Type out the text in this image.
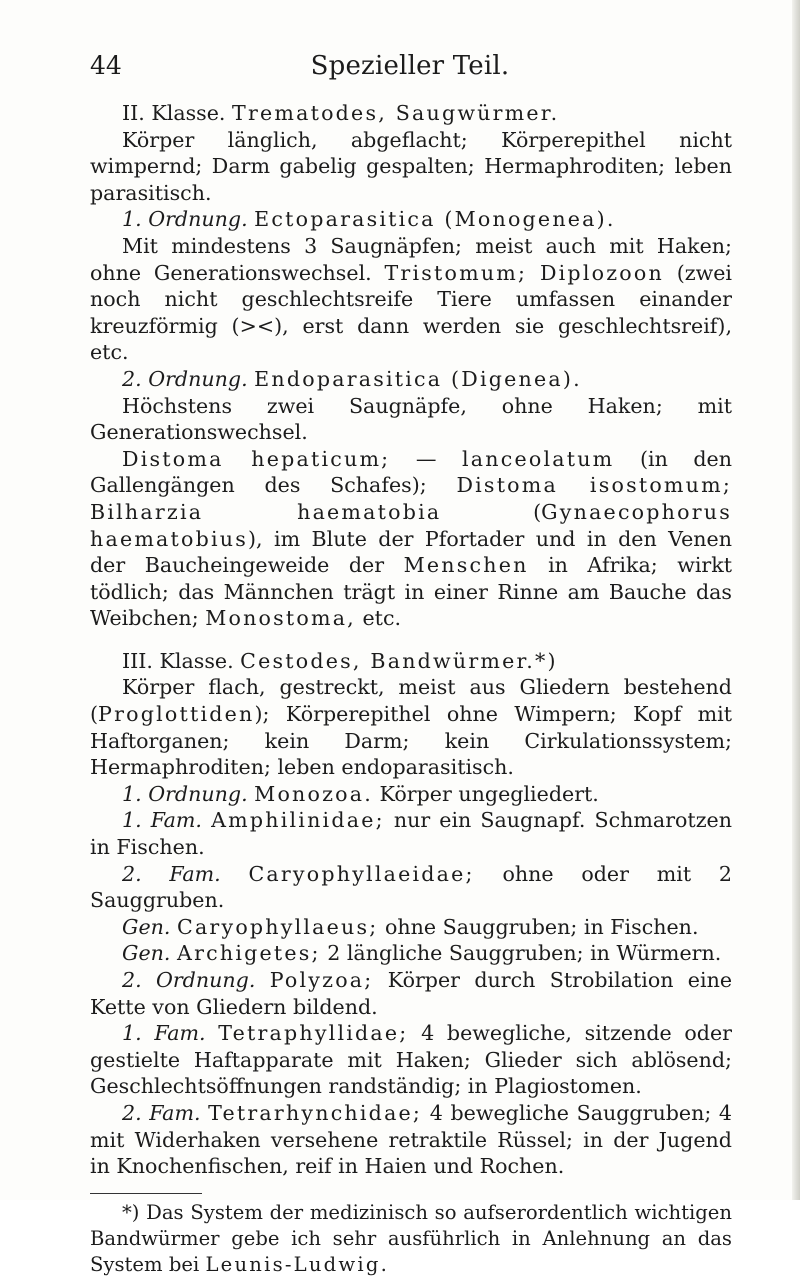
44	Spezieller Teil.

II. Klasse. Trematodes, Saugwürmer.

Körper länglich, abgeflacht; Körperepithel nicht wimpernd; Darm gabelig gespalten; Hermaphroditen; leben parasitisch.

1. Ordnung. Ectoparasitica (Monogenea).

Mit mindestens 3 Saugnäpfen; meist auch mit Haken; ohne Generationswechsel. Tristomum; Diplozoon (zwei noch nicht geschlechtsreife Tiere umfassen einander kreuzförmig (><), erst dann werden sie geschlechtsreif), etc.

2. Ordnung. Endoparasitica (Digenea).

Höchstens zwei Saugnäpfe, ohne Haken; mit Generationswechsel.

Distoma hepaticum; — lanceolatum (in den Gallengängen des Schafes); Distoma isostomum; Bilharzia haematobia	(Gynaecophorus haematobius), im Blute der Pfortader und in den Venen der Baucheingeweide der Menschen in Afrika; wirkt tödlich; das Männchen trägt in einer Rinne am Bauche das Weibchen; Monostoma, etc.

III. Klasse. Cestodes, Bandwürmer.*)

Körper flach, gestreckt, meist aus Gliedern bestehend (Proglottiden); Körperepithel ohne Wimpern; Kopf mit Haftorganen; kein Darm; kein Cirkulationssystem; Hermaphroditen; leben endoparasitisch.

1. Ordnung. Monozoa. Körper ungegliedert.

1. Fam. Amphilinidae; nur ein Saugnapf. Schmarotzen in Fischen.

2. Fam. Caryophyllaeidae; ohne oder mit 2 Sauggruben.

Gen. Caryophyllaeus; ohne Sauggruben; in Fischen.

Gen. Archigetes; 2 längliche Sauggruben; in Würmern.

2. Ordnung. Polyzoa; Körper durch Strobilation eine Kette von Gliedern bildend.

1. Fam. Tetraphyllidae; 4 bewegliche, sitzende oder gestielte Haftapparate mit Haken; Glieder sich ablösend; Geschlechtsöffnungen randständig; in Plagiostomen.

2. Fam. Tetrarhynchidae; 4 bewegliche Sauggruben; 4 mit Widerhaken versehene retraktile Rüssel; in der Jugend in Knochenfischen, reif in Haien und Rochen.

*) Das System der medizinisch so aufserordentlich wichtigen Bandwürmer gebe ich sehr ausführlich in Anlehnung an das System bei Leunis-Ludwig.
